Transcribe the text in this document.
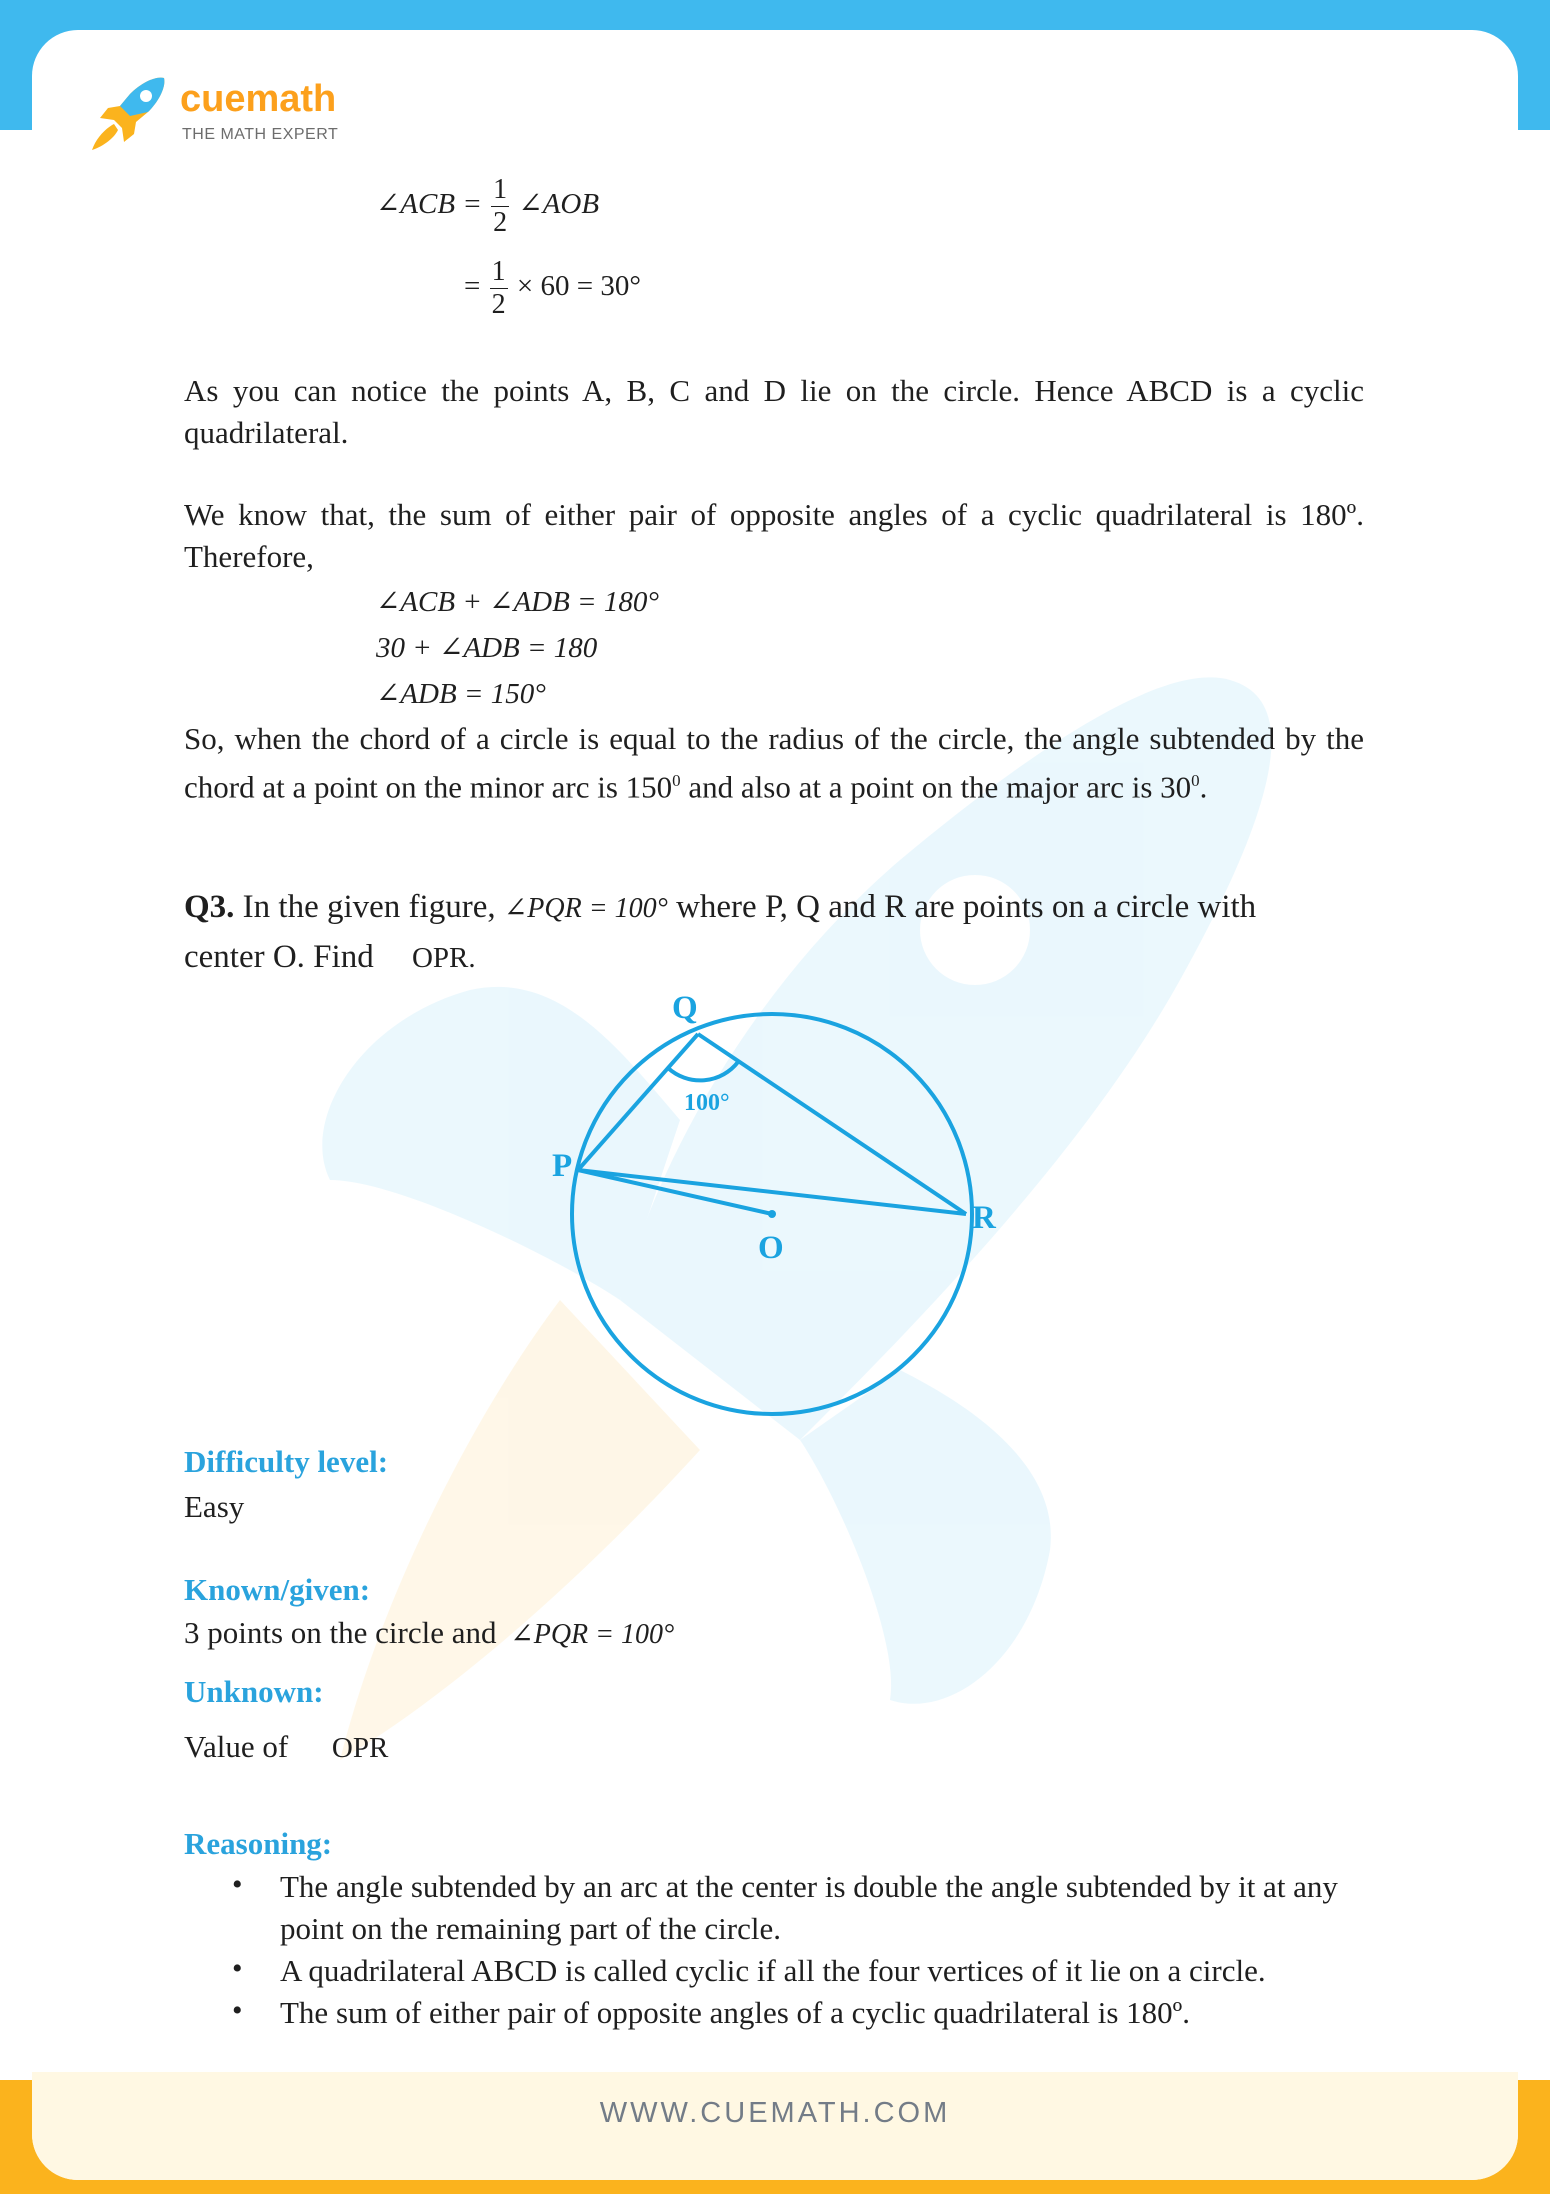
cuemath
THE MATH EXPERT
∠ACB = $\frac{1}{2}$ ∠AOB
= $\frac{1}{2} \times 60 = 30^\circ$
As you can notice the points A, B, C and D lie on the circle. Hence ABCD is a cyclic quadrilateral.
We know that, the sum of either pair of opposite angles of a cyclic quadrilateral is 180º. Therefore,
∠ACB + ∠ADB = 180°
30 + ∠ADB = 180
∠ADB = 150°
So, when the chord of a circle is equal to the radius of the circle, the angle subtended by the chord at a point on the minor arc is $150^0$ and also at a point on the major arc is $30^0$.
Q3. In the given figure, ∠PQR = 100° where P, Q and R are points on a circle with
center O. Find OPR.
Q
P
R
O
100°
Difficulty level:
Easy
Known/given:
3 points on the circle and ∠PQR = 100°
Unknown:
Value of OPR
Reasoning:
• The angle subtended by an arc at the center is double the angle subtended by it at any point on the remaining part of the circle.
• A quadrilateral ABCD is called cyclic if all the four vertices of it lie on a circle.
• The sum of either pair of opposite angles of a cyclic quadrilateral is 180º.
WWW.CUEMATH.COM
